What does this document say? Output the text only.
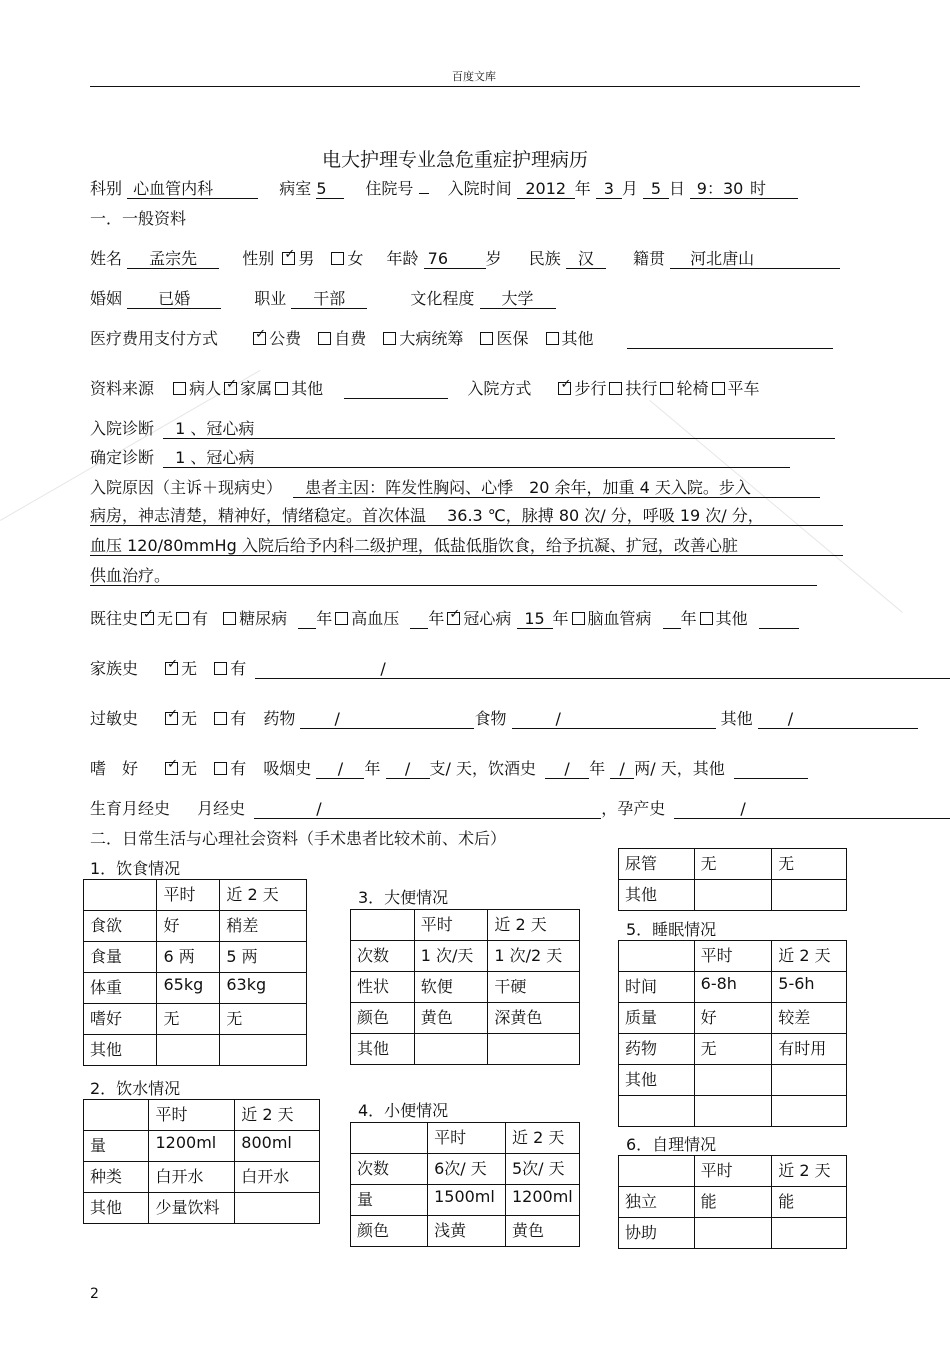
百度文库
电大护理专业急危重症护理病历
科别 心血管内科	病室 5 住院号 入院时间 2012 年 3 月 5 日 9：30 时
一．一般资料
姓名 孟宗先	性别 ✓ 男 女 年龄 76 岁 民族 汉 籍贯 河北唐山
婚姻 已婚	职业 干部	文化程度 大学
医疗费用支付方式 ✓	公费 自费 大病统筹 医保 其他
资料来源 病人 ✓ 家属 其他	入院方式 ✓	步行 扶行 轮椅 平车
入院诊断 1 、冠心病
确定诊断 1 、冠心病
入院原因（主诉＋现病史） 患者主因：阵发性胸闷、心悸　20 余年，加重 4 天入院。步入
病房，神志清楚，精神好，情绪稳定。首次体温　 36.3 ℃，脉搏 80 次/ 分，呼吸 19 次/ 分，
血压 120/80mmHg 入院后给予内科二级护理，低盐低脂饮食，给予抗凝、扩冠，改善心脏
供血治疗。
既往史 ✓ 无 有 糖尿病 年 高血压 年 ✓ 冠心病 15 年 脑血管病 年 其他
家族史 ✓	无 有	/
过敏史 ✓	无 有 药物 /	食物	/	其他 /
嗜　好 ✓	无 有 吸烟史 / 年 / 支/ 天，饮酒史 / 年 / 两/ 天，其他
生育月经史 月经史	/	，孕产史	/
二．日常生活与心理社会资料（手术患者比较术前、术后）
1．饮食情况
	平时	近 2 天
食欲	好	稍差
食量	6 两	5 两
体重	65kg	63kg
嗜好	无	无
其他		
2．饮水情况
	平时	近 2 天
量	1200ml	800ml
种类	白开水	白开水
其他	少量饮料	
3．大便情况
	平时	近 2 天
次数	1 次/天	1 次/2 天
性状	软便	干硬
颜色	黄色	深黄色
其他		
4．小便情况
	平时	近 2 天
次数	6次/ 天	5次/ 天
量	1500ml	1200ml
颜色	浅黄	黄色
尿管	无	无
其他		
5．睡眠情况
	平时	近 2 天
时间	6-8h	5-6h
质量	好	较差
药物	无	有时用
其他		

6．自理情况
	平时	近 2 天
独立	能	能
协助		
2
